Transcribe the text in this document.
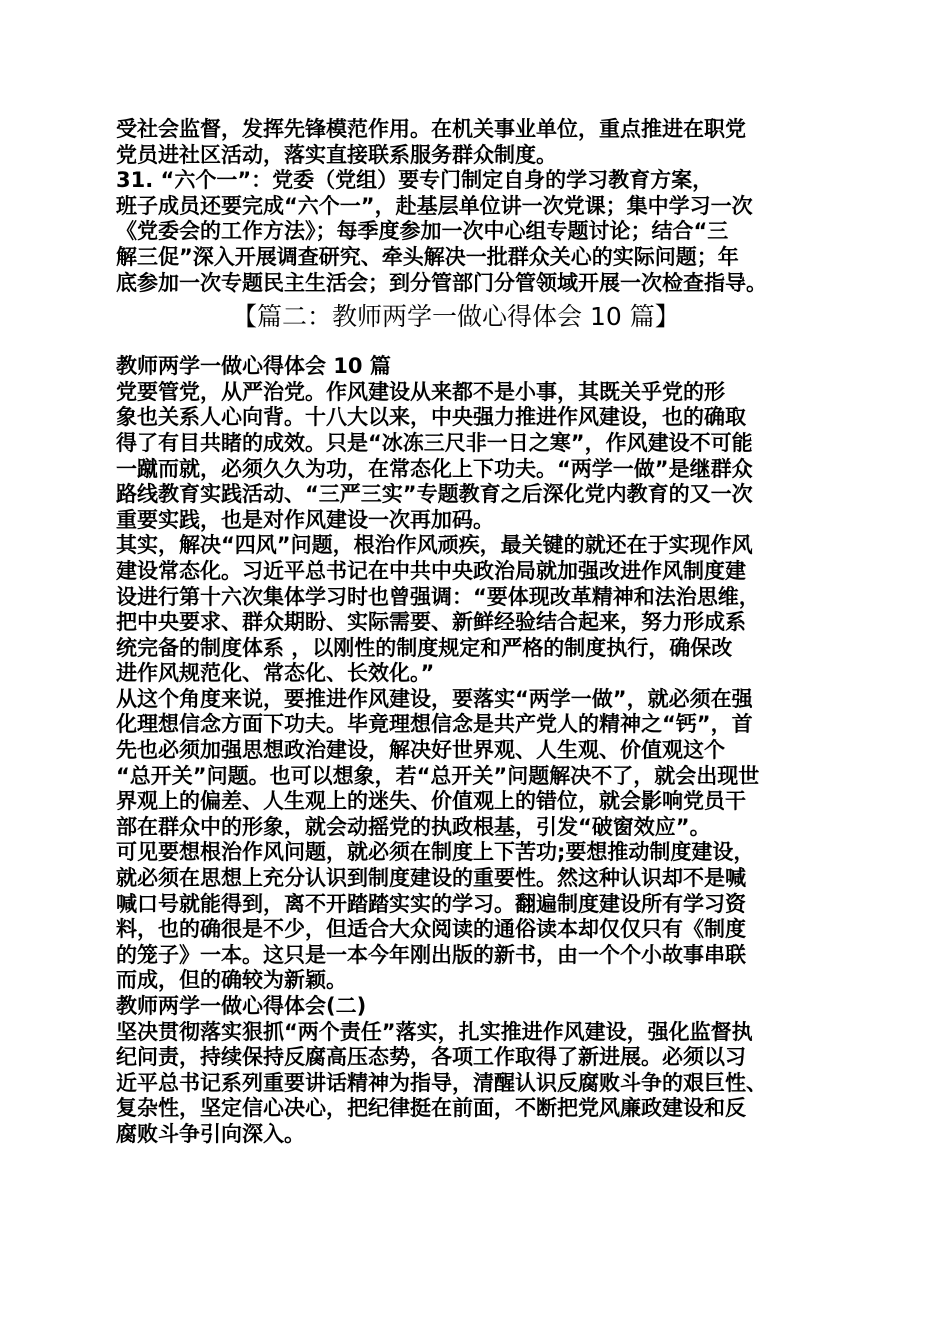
受社会监督，发挥先锋模范作用。在机关事业单位，重点推进在职党
党员进社区活动，落实直接联系服务群众制度。
31. “六个一”：党委（党组）要专门制定自身的学习教育方案，
班子成员还要完成“六个一”，赴基层单位讲一次党课；集中学习一次
《党委会的工作方法》；每季度参加一次中心组专题讨论；结合“三
解三促”深入开展调查研究、牵头解决一批群众关心的实际问题；年
底参加一次专题民主生活会；到分管部门分管领域开展一次检查指导。
【篇二：教师两学一做心得体会 10 篇】
教师两学一做心得体会 10 篇
党要管党，从严治党。作风建设从来都不是小事，其既关乎党的形
象也关系人心向背。十八大以来，中央强力推进作风建设，也的确取
得了有目共睹的成效。只是“冰冻三尺非一日之寒”，作风建设不可能
一蹴而就，必须久久为功，在常态化上下功夫。“两学一做”是继群众
路线教育实践活动、“三严三实”专题教育之后深化党内教育的又一次
重要实践，也是对作风建设一次再加码。
其实，解决“四风”问题，根治作风顽疾，最关键的就还在于实现作风
建设常态化。习近平总书记在中共中央政治局就加强改进作风制度建
设进行第十六次集体学习时也曾强调：“要体现改革精神和法治思维，
把中央要求、群众期盼、实际需要、新鲜经验结合起来，努力形成系
统完备的制度体系 ，以刚性的制度规定和严格的制度执行，确保改
进作风规范化、常态化、长效化。”
从这个角度来说，要推进作风建设，要落实“两学一做”，就必须在强
化理想信念方面下功夫。毕竟理想信念是共产党人的精神之“钙”，首
先也必须加强思想政治建设，解决好世界观、人生观、价值观这个
“总开关”问题。也可以想象，若“总开关”问题解决不了，就会出现世
界观上的偏差、人生观上的迷失、价值观上的错位，就会影响党员干
部在群众中的形象，就会动摇党的执政根基，引发“破窗效应”。
可见要想根治作风问题，就必须在制度上下苦功;要想推动制度建设，
就必须在思想上充分认识到制度建设的重要性。然这种认识却不是喊
喊口号就能得到，离不开踏踏实实的学习。翻遍制度建设所有学习资
料，也的确很是不少，但适合大众阅读的通俗读本却仅仅只有《制度
的笼子》一本。这只是一本今年刚出版的新书，由一个个小故事串联
而成，但的确较为新颖。
教师两学一做心得体会(二)
坚决贯彻落实狠抓“两个责任”落实，扎实推进作风建设，强化监督执
纪问责，持续保持反腐高压态势，各项工作取得了新进展。必须以习
近平总书记系列重要讲话精神为指导，清醒认识反腐败斗争的艰巨性、
复杂性，坚定信心决心，把纪律挺在前面，不断把党风廉政建设和反
腐败斗争引向深入。
